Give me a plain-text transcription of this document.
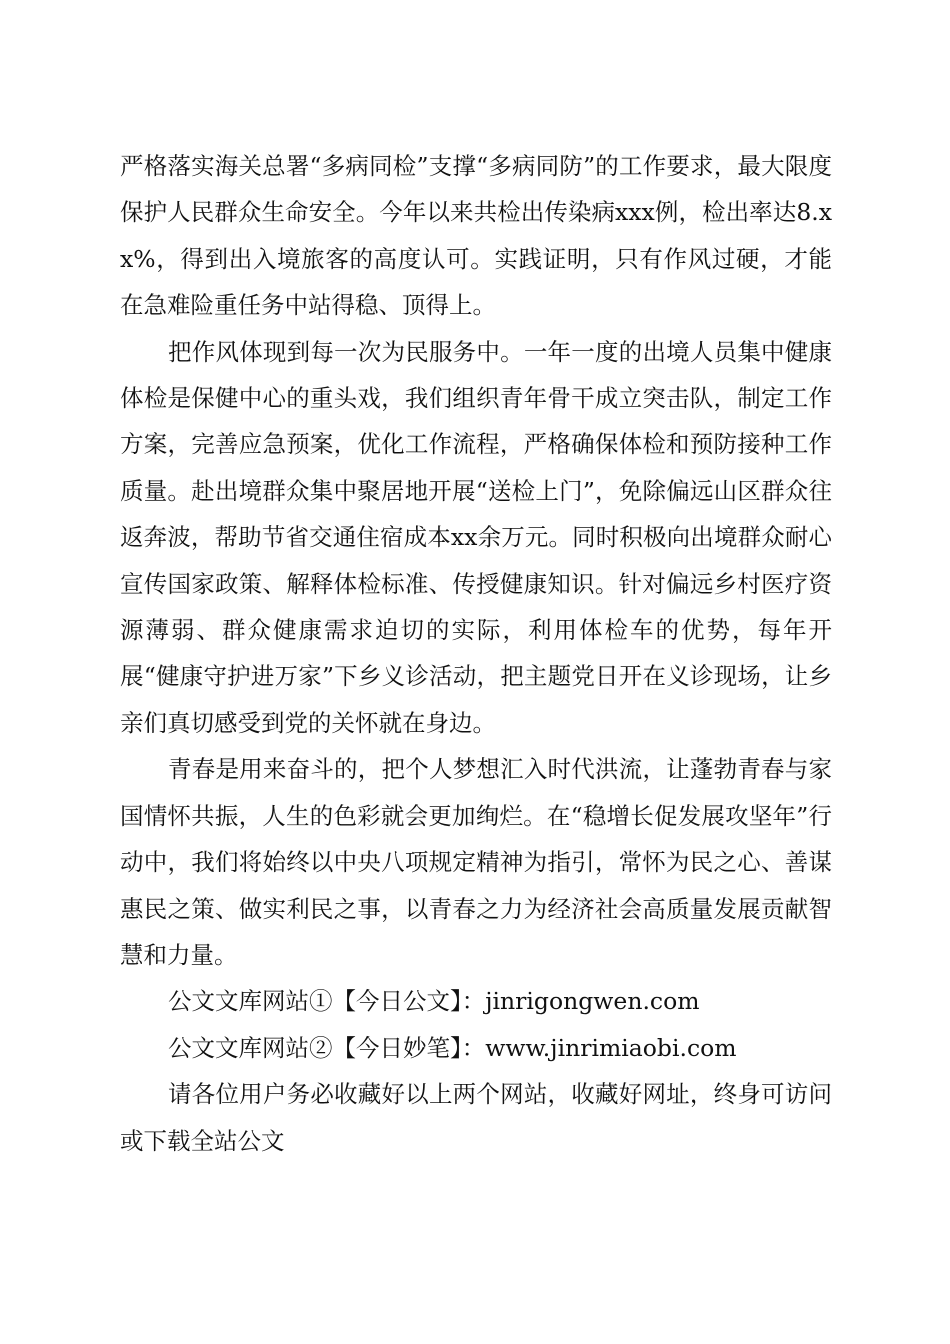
严格落实海关总署“多病同检”支撑“多病同防”的工作要求，最大限度保护人民群众生命安全。今年以来共检出传染病xxx例，检出率达8.xx%，得到出入境旅客的高度认可。实践证明，只有作风过硬，才能在急难险重任务中站得稳、顶得上。

把作风体现到每一次为民服务中。一年一度的出境人员集中健康体检是保健中心的重头戏，我们组织青年骨干成立突击队，制定工作方案，完善应急预案，优化工作流程，严格确保体检和预防接种工作质量。赴出境群众集中聚居地开展“送检上门”，免除偏远山区群众往返奔波，帮助节省交通住宿成本xx余万元。同时积极向出境群众耐心宣传国家政策、解释体检标准、传授健康知识。针对偏远乡村医疗资源薄弱、群众健康需求迫切的实际，利用体检车的优势，每年开展“健康守护进万家”下乡义诊活动，把主题党日开在义诊现场，让乡亲们真切感受到党的关怀就在身边。

青春是用来奋斗的，把个人梦想汇入时代洪流，让蓬勃青春与家国情怀共振，人生的色彩就会更加绚烂。在“稳增长促发展攻坚年”行动中，我们将始终以中央八项规定精神为指引，常怀为民之心、善谋惠民之策、做实利民之事，以青春之力为经济社会高质量发展贡献智慧和力量。

公文文库网站①【今日公文】：jinrigongwen.com

公文文库网站②【今日妙笔】：www.jinrimiaobi.com

请各位用户务必收藏好以上两个网站，收藏好网址，终身可访问或下载全站公文
